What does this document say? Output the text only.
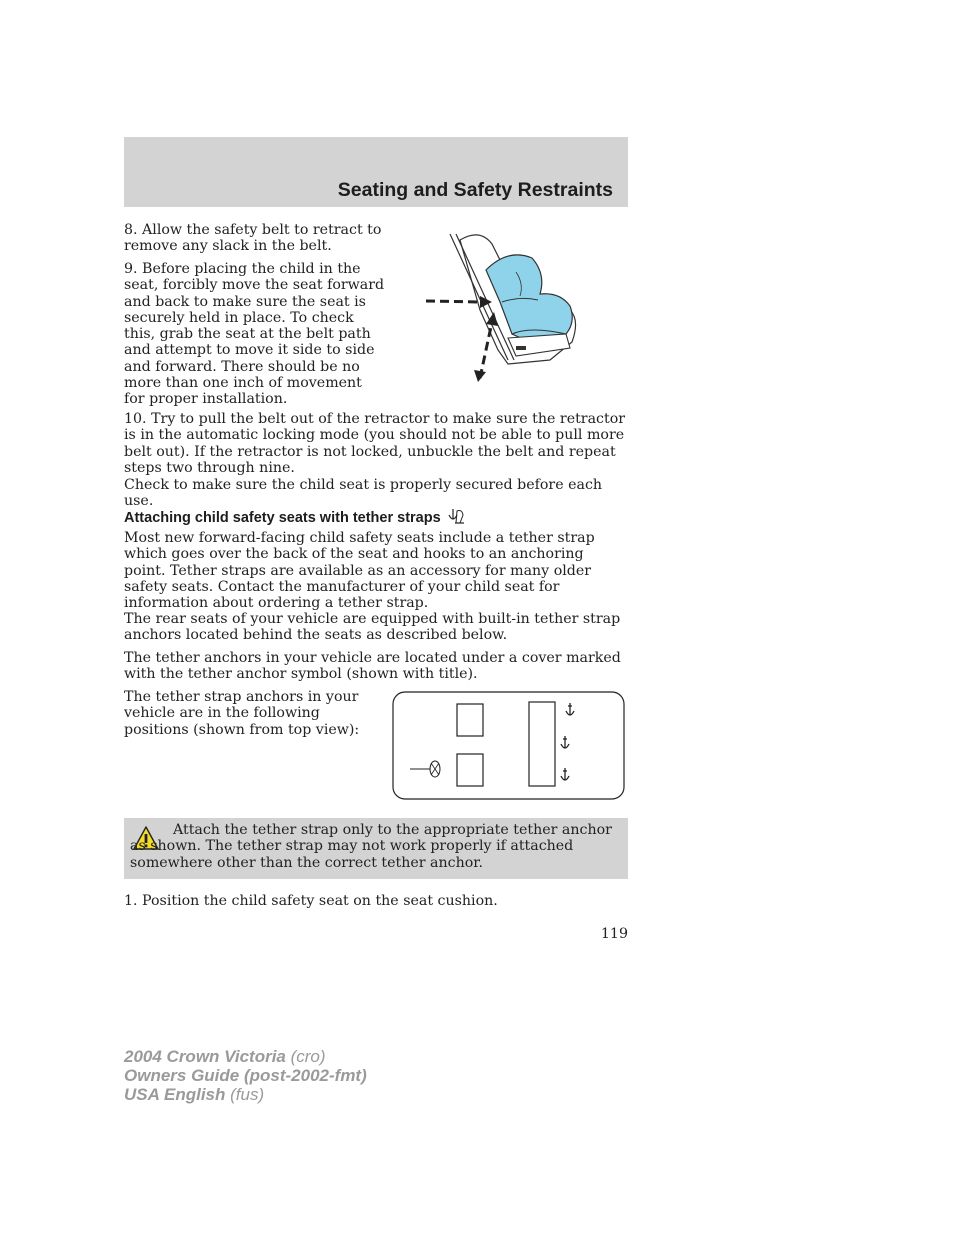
Seating and Safety Restraints

8. Allow the safety belt to retract to remove any slack in the belt.

9. Before placing the child in the seat, forcibly move the seat forward and back to make sure the seat is securely held in place. To check this, grab the seat at the belt path and attempt to move it side to side and forward. There should be no more than one inch of movement for proper installation.

10. Try to pull the belt out of the retractor to make sure the retractor is in the automatic locking mode (you should not be able to pull more belt out). If the retractor is not locked, unbuckle the belt and repeat steps two through nine.

Check to make sure the child seat is properly secured before each use.

Attaching child safety seats with tether straps

Most new forward-facing child safety seats include a tether strap which goes over the back of the seat and hooks to an anchoring point. Tether straps are available as an accessory for many older safety seats. Contact the manufacturer of your child seat for information about ordering a tether strap.

The rear seats of your vehicle are equipped with built-in tether strap anchors located behind the seats as described below.

The tether anchors in your vehicle are located under a cover marked with the tether anchor symbol (shown with title).

The tether strap anchors in your vehicle are in the following positions (shown from top view):

Attach the tether strap only to the appropriate tether anchor as shown. The tether strap may not work properly if attached somewhere other than the correct tether anchor.

1. Position the child safety seat on the seat cushion.

119
2004 Crown Victoria (cro)
Owners Guide (post-2002-fmt)
USA English (fus)
